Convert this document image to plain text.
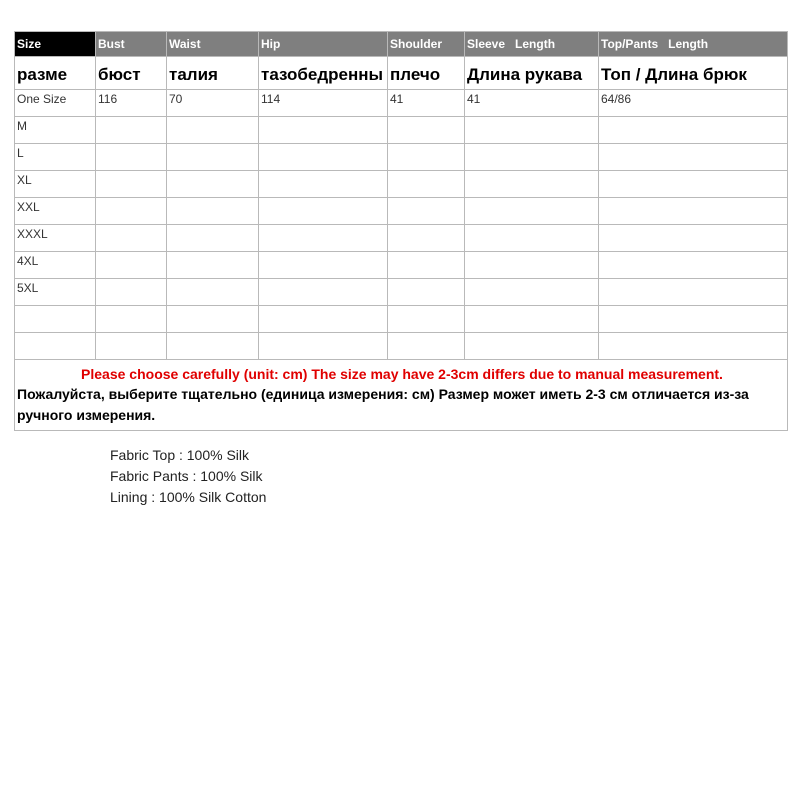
Size	Bust	Waist	Hip	Shoulder	Sleeve   Length	Top/Pants   Length
разме	бюст	талия	тазобедренны	плечо	Длина рукава	Топ / Длина брюк
One Size	116	70	114	41	41	64/86
M						
L						
XL						
XXL						
XXXL						
4XL						
5XL						

Please choose carefully (unit: cm) The size may have 2-3cm differs due to manual measurement.
Пожалуйста, выберите тщательно (единица измерения: см) Размер может иметь 2-3 см отличается из-за ручного измерения.						
Fabric Top : 100% Silk
Fabric Pants : 100% Silk
Lining : 100% Silk Cotton
